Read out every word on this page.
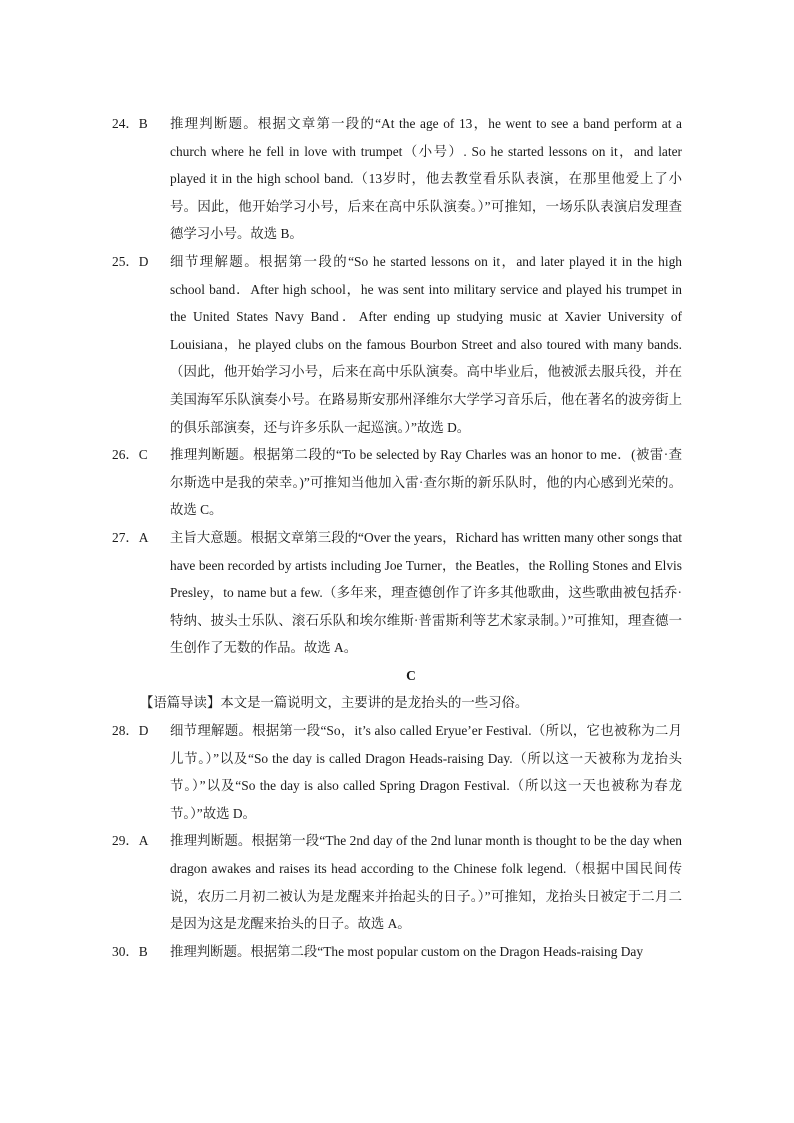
24．B	推理判断题。根据文章第一段的“At the age of 13，he went to see a band perform at a church where he fell in love with trumpet（小号）. So he started lessons on it，and later played it in the high school band.（13岁时，他去教堂看乐队表演，在那里他爱上了小号。因此，他开始学习小号，后来在高中乐队演奏。）”可推知，一场乐队表演启发理查德学习小号。故选 B。
25．D	细节理解题。根据第一段的“So he started lessons on it，and later played it in the high school band．After high school，he was sent into military service and played his trumpet in the United States Navy Band．After ending up studying music at Xavier University of Louisiana，he played clubs on the famous Bourbon Street and also toured with many bands.（因此，他开始学习小号，后来在高中乐队演奏。高中毕业后，他被派去服兵役，并在美国海军乐队演奏小号。在路易斯安那州泽维尔大学学习音乐后，他在著名的波旁街上的俱乐部演奏，还与许多乐队一起巡演。）”故选 D。
26．C	推理判断题。根据第二段的“To be selected by Ray Charles was an honor to me．(被雷·查尔斯选中是我的荣幸。)”可推知当他加入雷·查尔斯的新乐队时，他的内心感到光荣的。故选 C。
27．A	主旨大意题。根据文章第三段的“Over the years，Richard has written many other songs that have been recorded by artists including Joe Turner，the Beatles，the Rolling Stones and Elvis Presley，to name but a few.（多年来，理查德创作了许多其他歌曲，这些歌曲被包括乔·特纳、披头士乐队、滚石乐队和埃尔维斯·普雷斯利等艺术家录制。）”可推知，理查德一生创作了无数的作品。故选 A。
C
【语篇导读】本文是一篇说明文，主要讲的是龙抬头的一些习俗。
28．D	细节理解题。根据第一段“So，it’s also called Eryue’er Festival.（所以，它也被称为二月儿节。）”以及“So the day is called Dragon Heads-raising Day.（所以这一天被称为龙抬头节。）”以及“So the day is also called Spring Dragon Festival.（所以这一天也被称为春龙节。）”故选 D。
29．A	推理判断题。根据第一段“The 2nd day of the 2nd lunar month is thought to be the day when dragon awakes and raises its head according to the Chinese folk legend.（根据中国民间传说，农历二月初二被认为是龙醒来并抬起头的日子。）”可推知，龙抬头日被定于二月二是因为这是龙醒来抬头的日子。故选 A。
30．B	推理判断题。根据第二段“The most popular custom on the Dragon Heads-raising Day
